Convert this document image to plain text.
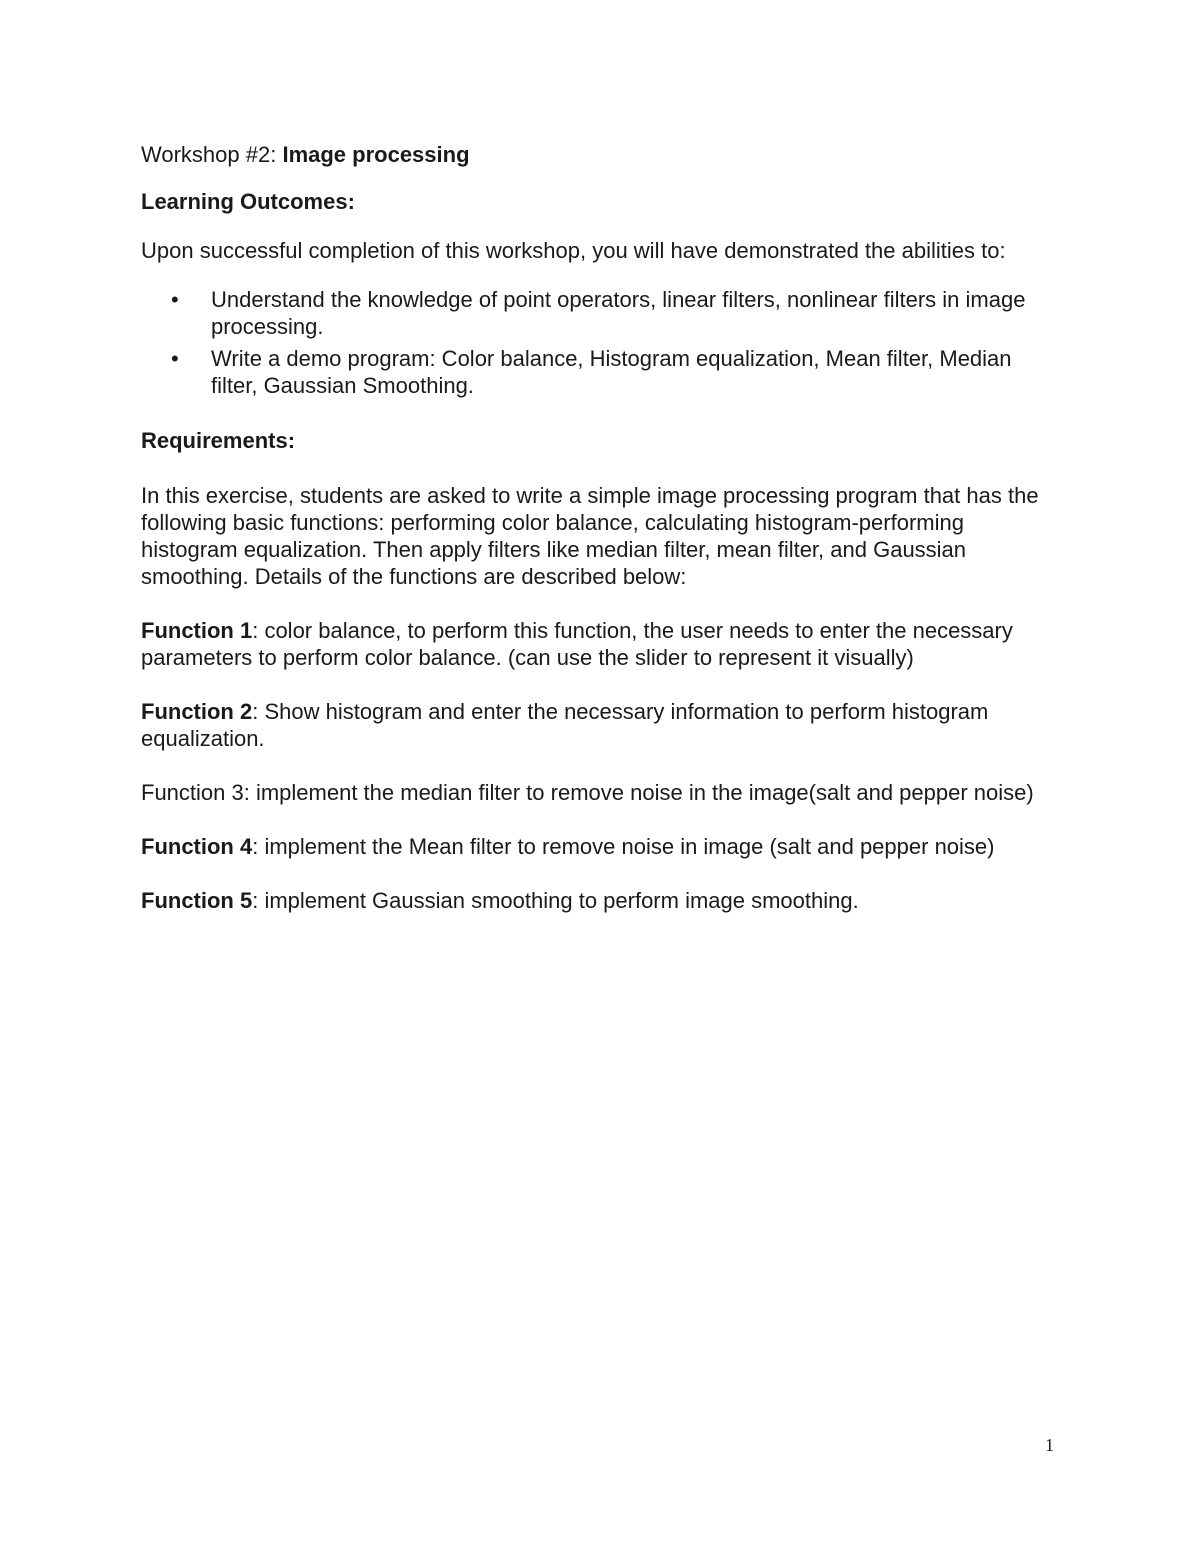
Workshop #2: Image processing

Learning Outcomes:

Upon successful completion of this workshop, you will have demonstrated the abilities to:

• Understand the knowledge of point operators, linear filters, nonlinear filters in image processing.
• Write a demo program: Color balance, Histogram equalization, Mean filter, Median filter, Gaussian Smoothing.

Requirements:

In this exercise, students are asked to write a simple image processing program that has the following basic functions: performing color balance, calculating histogram-performing histogram equalization. Then apply filters like median filter, mean filter, and Gaussian smoothing. Details of the functions are described below:

Function 1: color balance, to perform this function, the user needs to enter the necessary parameters to perform color balance. (can use the slider to represent it visually)

Function 2: Show histogram and enter the necessary information to perform histogram equalization.

Function 3: implement the median filter to remove noise in the image(salt and pepper noise)

Function 4: implement the Mean filter to remove noise in image (salt and pepper noise)

Function 5: implement Gaussian smoothing to perform image smoothing.

1
